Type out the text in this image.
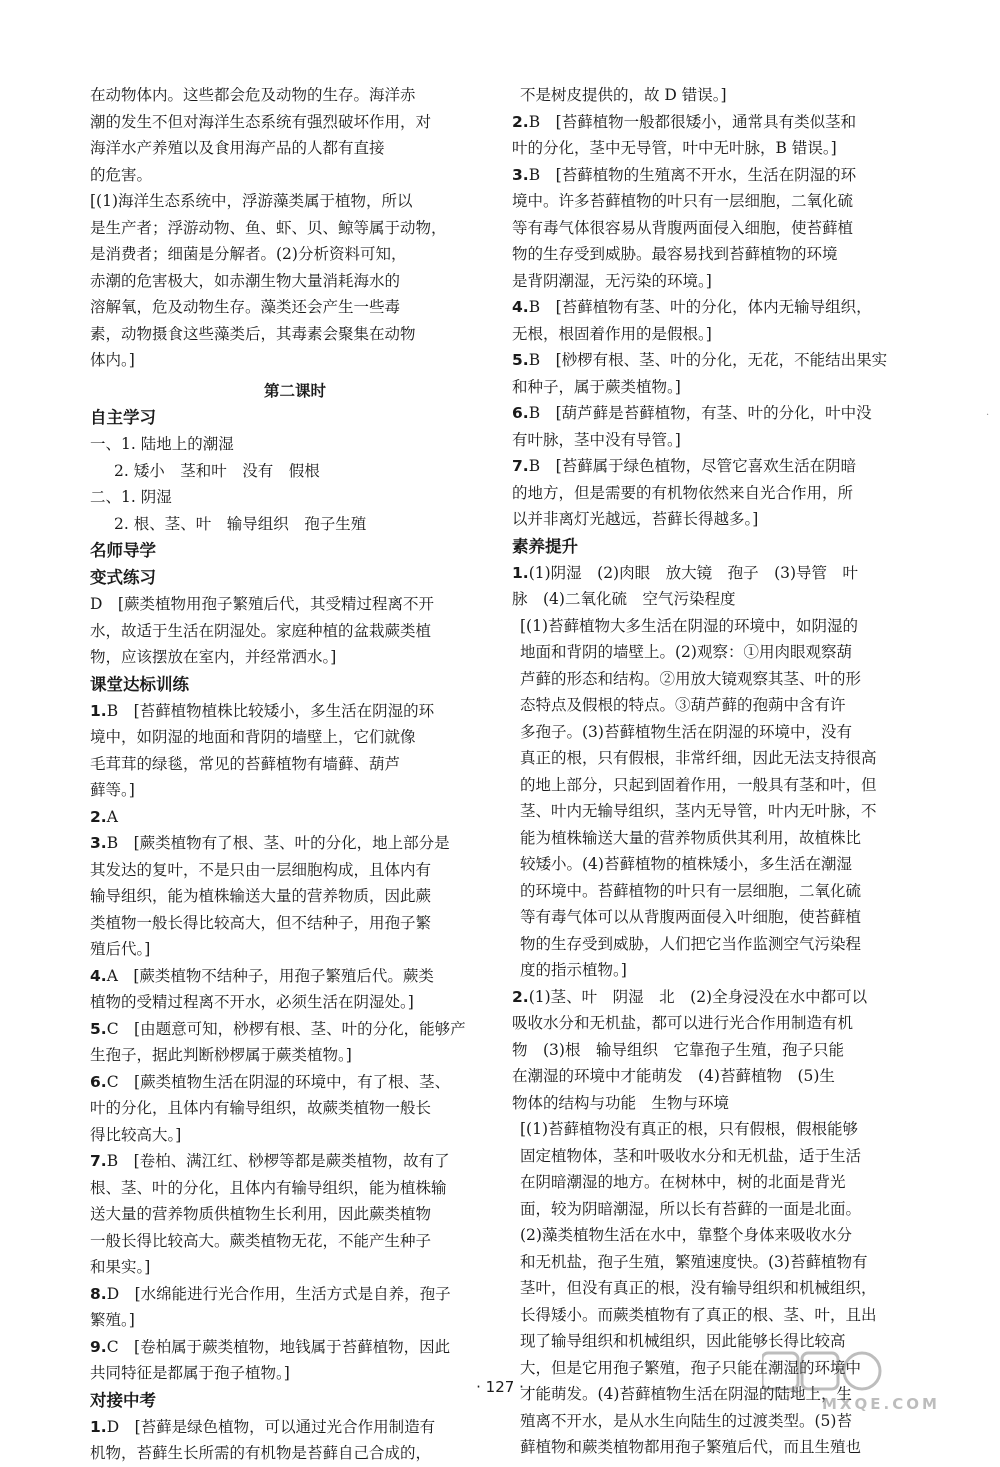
在动物体内。这些都会危及动物的生存。海洋赤
潮的发生不但对海洋生态系统有强烈破坏作用，对
海洋水产养殖以及食用海产品的人都有直接
的危害。
[(1)海洋生态系统中，浮游藻类属于植物，所以
是生产者；浮游动物、鱼、虾、贝、鲸等属于动物，
是消费者；细菌是分解者。(2)分析资料可知，
赤潮的危害极大，如赤潮生物大量消耗海水的
溶解氧，危及动物生存。藻类还会产生一些毒
素，动物摄食这些藻类后，其毒素会聚集在动物
体内。]
第二课时
自主学习
一、1. 陆地上的潮湿
2. 矮小　茎和叶　没有　假根
二、1. 阴湿
2. 根、茎、叶　输导组织　孢子生殖
名师导学
变式练习
D　[蕨类植物用孢子繁殖后代，其受精过程离不开
水，故适于生活在阴湿处。家庭种植的盆栽蕨类植
物，应该摆放在室内，并经常洒水。]
课堂达标训练
1.B　[苔藓植物植株比较矮小，多生活在阴湿的环
境中，如阴湿的地面和背阴的墙壁上，它们就像
毛茸茸的绿毯，常见的苔藓植物有墙藓、葫芦
藓等。]
2.A
3.B　[蕨类植物有了根、茎、叶的分化，地上部分是
其发达的复叶，不是只由一层细胞构成，且体内有
输导组织，能为植株输送大量的营养物质，因此蕨
类植物一般长得比较高大，但不结种子，用孢子繁
殖后代。]
4.A　[蕨类植物不结种子，用孢子繁殖后代。蕨类
植物的受精过程离不开水，必须生活在阴湿处。]
5.C　[由题意可知，桫椤有根、茎、叶的分化，能够产
生孢子，据此判断桫椤属于蕨类植物。]
6.C　[蕨类植物生活在阴湿的环境中，有了根、茎、
叶的分化，且体内有输导组织，故蕨类植物一般长
得比较高大。]
7.B　[卷柏、满江红、桫椤等都是蕨类植物，故有了
根、茎、叶的分化，且体内有输导组织，能为植株输
送大量的营养物质供植物生长利用，因此蕨类植物
一般长得比较高大。蕨类植物无花，不能产生种子
和果实。]
8.D　[水绵能进行光合作用，生活方式是自养，孢子
繁殖。]
9.C　[卷柏属于蕨类植物，地钱属于苔藓植物，因此
共同特征是都属于孢子植物。]
对接中考
1.D　[苔藓是绿色植物，可以通过光合作用制造有
机物，苔藓生长所需的有机物是苔藓自己合成的，
不是树皮提供的，故 D 错误。]
2.B　[苔藓植物一般都很矮小，通常具有类似茎和
叶的分化，茎中无导管，叶中无叶脉，B 错误。]
3.B　[苔藓植物的生殖离不开水，生活在阴湿的环
境中。许多苔藓植物的叶只有一层细胞，二氧化硫
等有毒气体很容易从背腹两面侵入细胞，使苔藓植
物的生存受到威胁。最容易找到苔藓植物的环境
是背阴潮湿，无污染的环境。]
4.B　[苔藓植物有茎、叶的分化，体内无输导组织，
无根，根固着作用的是假根。]
5.B　[桫椤有根、茎、叶的分化，无花，不能结出果实
和种子，属于蕨类植物。]
6.B　[葫芦藓是苔藓植物，有茎、叶的分化，叶中没
有叶脉，茎中没有导管。]
7.B　[苔藓属于绿色植物，尽管它喜欢生活在阴暗
的地方，但是需要的有机物依然来自光合作用，所
以并非离灯光越远，苔藓长得越多。]
素养提升
1.(1)阴湿　(2)肉眼　放大镜　孢子　(3)导管　叶
脉　(4)二氧化硫　空气污染程度
[(1)苔藓植物大多生活在阴湿的环境中，如阴湿的
地面和背阴的墙壁上。(2)观察：①用肉眼观察葫
芦藓的形态和结构。②用放大镜观察其茎、叶的形
态特点及假根的特点。③葫芦藓的孢蒴中含有许
多孢子。(3)苔藓植物生活在阴湿的环境中，没有
真正的根，只有假根，非常纤细，因此无法支持很高
的地上部分，只起到固着作用，一般具有茎和叶，但
茎、叶内无输导组织，茎内无导管，叶内无叶脉，不
能为植株输送大量的营养物质供其利用，故植株比
较矮小。(4)苔藓植物的植株矮小，多生活在潮湿
的环境中。苔藓植物的叶只有一层细胞，二氧化硫
等有毒气体可以从背腹两面侵入叶细胞，使苔藓植
物的生存受到威胁，人们把它当作监测空气污染程
度的指示植物。]
2.(1)茎、叶　阴湿　北　(2)全身浸没在水中都可以
吸收水分和无机盐，都可以进行光合作用制造有机
物　(3)根　输导组织　它靠孢子生殖，孢子只能
在潮湿的环境中才能萌发　(4)苔藓植物　(5)生
物体的结构与功能　生物与环境
[(1)苔藓植物没有真正的根，只有假根，假根能够
固定植物体，茎和叶吸收水分和无机盐，适于生活
在阴暗潮湿的地方。在树林中，树的北面是背光
面，较为阴暗潮湿，所以长有苔藓的一面是北面。
(2)藻类植物生活在水中，靠整个身体来吸收水分
和无机盐，孢子生殖，繁殖速度快。(3)苔藓植物有
茎叶，但没有真正的根，没有输导组织和机械组织，
长得矮小。而蕨类植物有了真正的根、茎、叶，且出
现了输导组织和机械组织，因此能够长得比较高
大，但是它用孢子繁殖，孢子只能在潮湿的环境中
才能萌发。(4)苔藓植物生活在阴湿的陆地上，生
殖离不开水，是从水生向陆生的过渡类型。(5)苔
藓植物和蕨类植物都用孢子繁殖后代，而且生殖也
· 127 ·
·
MXQE.COM
